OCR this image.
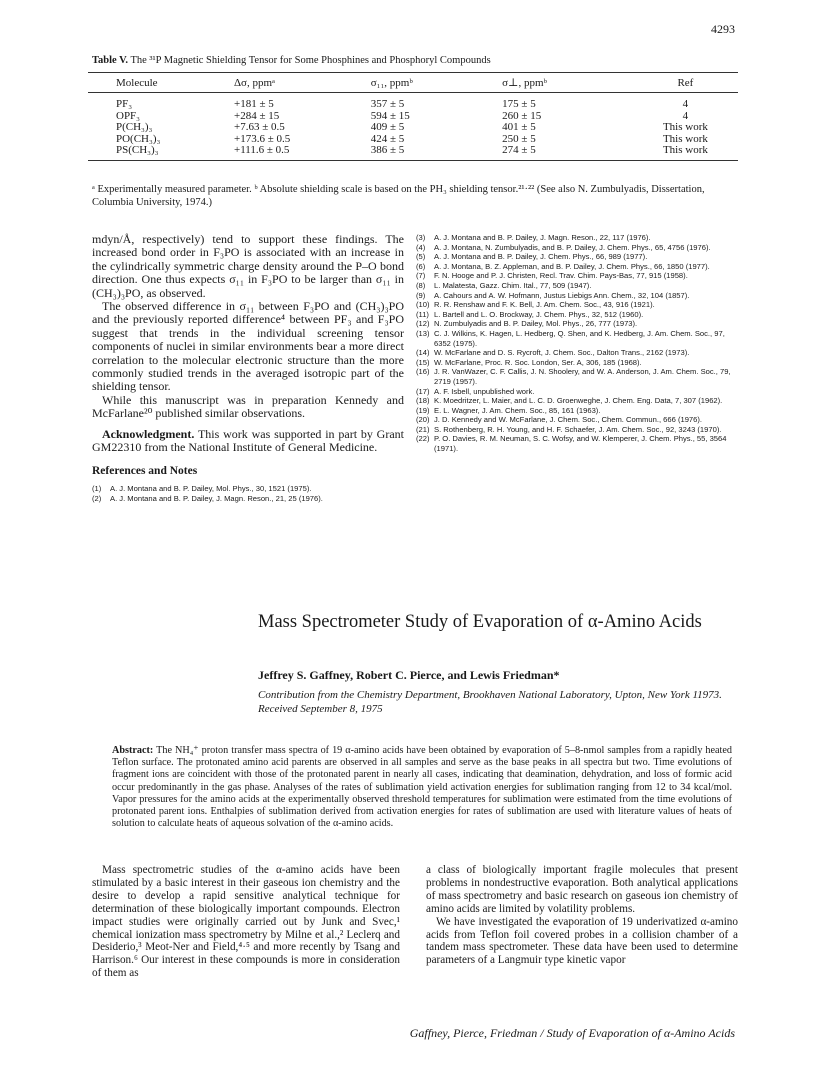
4293
Table V. The ³¹P Magnetic Shielding Tensor for Some Phosphines and Phosphoryl Compounds
Molecule	Δσ, ppmᵃ	σ₁₁, ppmᵇ	σ⊥, ppmᵇ	Ref
PF₃	+181 ± 5	357 ± 5	175 ± 5	4
OPF₃	+284 ± 15	594 ± 15	260 ± 15	4
P(CH₃)₃	+7.63 ± 0.5	409 ± 5	401 ± 5	This work
PO(CH₃)₃	+173.6 ± 0.5	424 ± 5	250 ± 5	This work
PS(CH₃)₃	+111.6 ± 0.5	386 ± 5	274 ± 5	This work
ᵃ Experimentally measured parameter. ᵇ Absolute shielding scale is based on the PH₃ shielding tensor.²¹·²² (See also N. Zumbulyadis, Dissertation, Columbia University, 1974.)

mdyn/Å, respectively) tend to support these findings. The increased bond order in F₃PO is associated with an increase in the cylindrically symmetric charge density around the P–O bond direction. One thus expects σ₁₁ in F₃PO to be larger than σ₁₁ in (CH₃)₃PO, as observed.

The observed difference in σ₁₁ between F₃PO and (CH₃)₃PO and the previously reported difference⁴ between PF₃ and F₃PO suggest that trends in the individual screening tensor components of nuclei in similar environments bear a more direct correlation to the molecular electronic structure than the more commonly studied trends in the averaged isotropic part of the shielding tensor.

While this manuscript was in preparation Kennedy and McFarlane²⁰ published similar observations.

Acknowledgment. This work was supported in part by Grant GM22310 from the National Institute of General Medicine.

References and Notes
(1)	A. J. Montana and B. P. Dailey, Mol. Phys., 30, 1521 (1975).
(2)	A. J. Montana and B. P. Dailey, J. Magn. Reson., 21, 25 (1976).
(3)	A. J. Montana and B. P. Dailey, J. Magn. Reson., 22, 117 (1976).
(4)	A. J. Montana, N. Zumbulyadis, and B. P. Dailey, J. Chem. Phys., 65, 4756 (1976).
(5)	A. J. Montana and B. P. Dailey, J. Chem. Phys., 66, 989 (1977).
(6)	A. J. Montana, B. Z. Appleman, and B. P. Dailey, J. Chem. Phys., 66, 1850 (1977).
(7)	F. N. Hooge and P. J. Christen, Recl. Trav. Chim. Pays-Bas, 77, 915 (1958).
(8)	L. Malatesta, Gazz. Chim. Ital., 77, 509 (1947).
(9)	A. Cahours and A. W. Hofmann, Justus Liebigs Ann. Chem., 32, 104 (1857).
(10) R. R. Renshaw and F. K. Bell, J. Am. Chem. Soc., 43, 916 (1921).
(11) L. Bartell and L. O. Brockway, J. Chem. Phys., 32, 512 (1960).
(12) N. Zumbulyadis and B. P. Dailey, Mol. Phys., 26, 777 (1973).
(13) C. J. Wilkins, K. Hagen, L. Hedberg, Q. Shen, and K. Hedberg, J. Am. Chem. Soc., 97, 6352 (1975).
(14) W. McFarlane and D. S. Rycroft, J. Chem. Soc., Dalton Trans., 2162 (1973).
(15) W. McFarlane, Proc. R. Soc. London, Ser. A, 306, 185 (1968).
(16) J. R. VanWazer, C. F. Callis, J. N. Shoolery, and W. A. Anderson, J. Am. Chem. Soc., 79, 2719 (1957).
(17) A. F. Isbell, unpublished work.
(18) K. Moedritzer, L. Maier, and L. C. D. Groenweghe, J. Chem. Eng. Data, 7, 307 (1962).
(19) E. L. Wagner, J. Am. Chem. Soc., 85, 161 (1963).
(20) J. D. Kennedy and W. McFarlane, J. Chem. Soc., Chem. Commun., 666 (1976).
(21) S. Rothenberg, R. H. Young, and H. F. Schaefer, J. Am. Chem. Soc., 92, 3243 (1970).
(22) P. O. Davies, R. M. Neuman, S. C. Wofsy, and W. Klemperer, J. Chem. Phys., 55, 3564 (1971).
Mass Spectrometer Study of Evaporation of α-Amino Acids
Jeffrey S. Gaffney, Robert C. Pierce, and Lewis Friedman*
Contribution from the Chemistry Department, Brookhaven National Laboratory, Upton, New York 11973. Received September 8, 1975
Abstract: The NH₄⁺ proton transfer mass spectra of 19 α-amino acids have been obtained by evaporation of 5–8-nmol samples from a rapidly heated Teflon surface. The protonated amino acid parents are observed in all samples and serve as the base peaks in all spectra but two. Time evolutions of fragment ions are coincident with those of the protonated parent in nearly all cases, indicating that deamination, dehydration, and loss of formic acid occur predominantly in the gas phase. Analyses of the rates of sublimation yield activation energies for sublimation ranging from 12 to 34 kcal/mol. Vapor pressures for the amino acids at the experimentally observed threshold temperatures for sublimation were estimated from the time evolutions of protonated parent ions. Enthalpies of sublimation derived from activation energies for rates of sublimation are used with literature values of heats of solution to calculate heats of aqueous solvation of the α-amino acids.
Mass spectrometric studies of the α-amino acids have been stimulated by a basic interest in their gaseous ion chemistry and the desire to develop a rapid sensitive analytical technique for determination of these biologically important compounds. Electron impact studies were originally carried out by Junk and Svec,¹ chemical ionization mass spectrometry by Milne et al.,² Leclerq and Desiderio,³ Meot-Ner and Field,⁴·⁵ and more recently by Tsang and Harrison.⁶ Our interest in these compounds is more in consideration of them as

a class of biologically important fragile molecules that present problems in nondestructive evaporation. Both analytical applications of mass spectrometry and basic research on gaseous ion chemistry of amino acids are limited by volatility problems.

We have investigated the evaporation of 19 underivatized α-amino acids from Teflon foil covered probes in a collision chamber of a tandem mass spectrometer. These data have been used to determine parameters of a Langmuir type kinetic vapor

Gaffney, Pierce, Friedman / Study of Evaporation of α-Amino Acids
